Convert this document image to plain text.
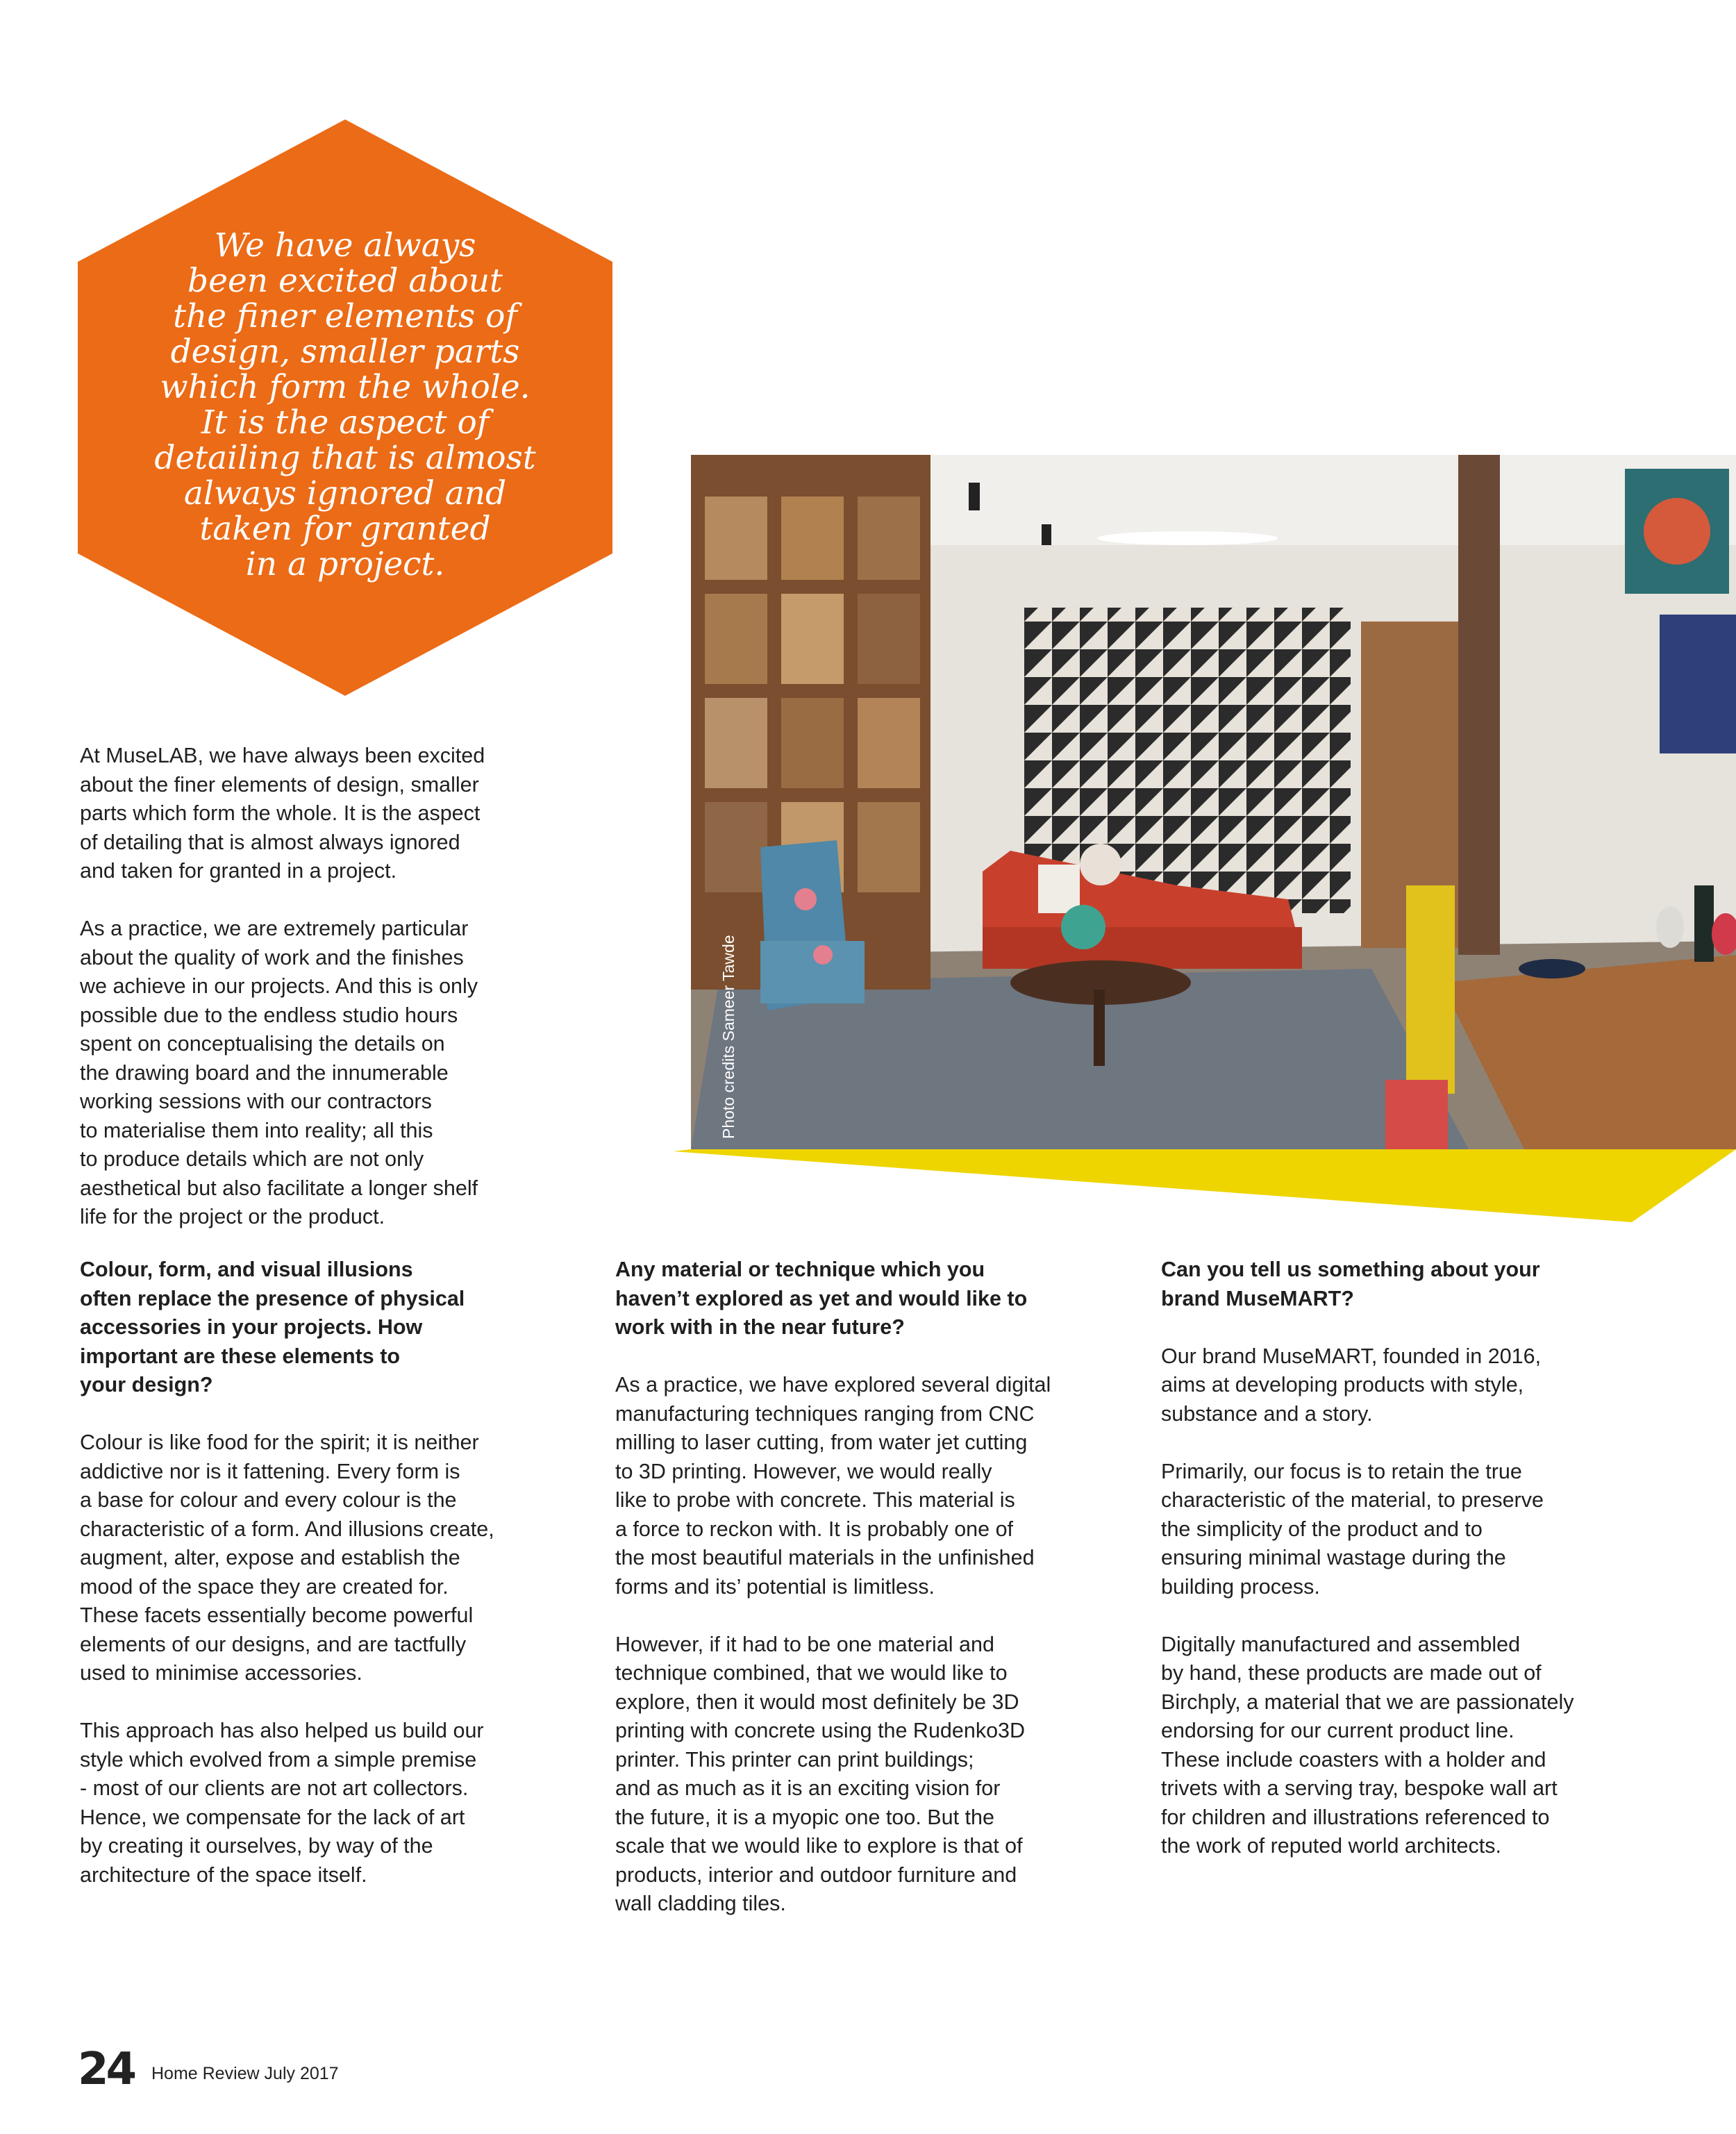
We have always
been excited about
the finer elements of
design, smaller parts
which form the whole.
It is the aspect of
detailing that is almost
always ignored and
taken for granted
in a project.

Photo credits Sameer Tawde

At MuseLAB, we have always been excited
about the finer elements of design, smaller
parts which form the whole. It is the aspect
of detailing that is almost always ignored
and taken for granted in a project.

As a practice, we are extremely particular
about the quality of work and the finishes
we achieve in our projects. And this is only
possible due to the endless studio hours
spent on conceptualising the details on
the drawing board and the innumerable
working sessions with our contractors
to materialise them into reality; all this
to produce details which are not only
aesthetical but also facilitate a longer shelf
life for the project or the product.

Colour, form, and visual illusions
often replace the presence of physical
accessories in your projects. How
important are these elements to
your design?

Colour is like food for the spirit; it is neither
addictive nor is it fattening. Every form is
a base for colour and every colour is the
characteristic of a form. And illusions create,
augment, alter, expose and establish the
mood of the space they are created for.
These facets essentially become powerful
elements of our designs, and are tactfully
used to minimise accessories.

This approach has also helped us build our
style which evolved from a simple premise
- most of our clients are not art collectors.
Hence, we compensate for the lack of art
by creating it ourselves, by way of the
architecture of the space itself.

Any material or technique which you
haven’t explored as yet and would like to
work with in the near future?

As a practice, we have explored several digital
manufacturing techniques ranging from CNC
milling to laser cutting, from water jet cutting
to 3D printing. However, we would really
like to probe with concrete. This material is
a force to reckon with. It is probably one of
the most beautiful materials in the unfinished
forms and its’ potential is limitless.

However, if it had to be one material and
technique combined, that we would like to
explore, then it would most definitely be 3D
printing with concrete using the Rudenko3D
printer. This printer can print buildings;
and as much as it is an exciting vision for
the future, it is a myopic one too. But the
scale that we would like to explore is that of
products, interior and outdoor furniture and
wall cladding tiles.

Can you tell us something about your
brand MuseMART?

Our brand MuseMART, founded in 2016,
aims at developing products with style,
substance and a story.

Primarily, our focus is to retain the true
characteristic of the material, to preserve
the simplicity of the product and to
ensuring minimal wastage during the
building process.

Digitally manufactured and assembled
by hand, these products are made out of
Birchply, a material that we are passionately
endorsing for our current product line.
These include coasters with a holder and
trivets with a serving tray, bespoke wall art
for children and illustrations referenced to
the work of reputed world architects.

24 Home Review July 2017
